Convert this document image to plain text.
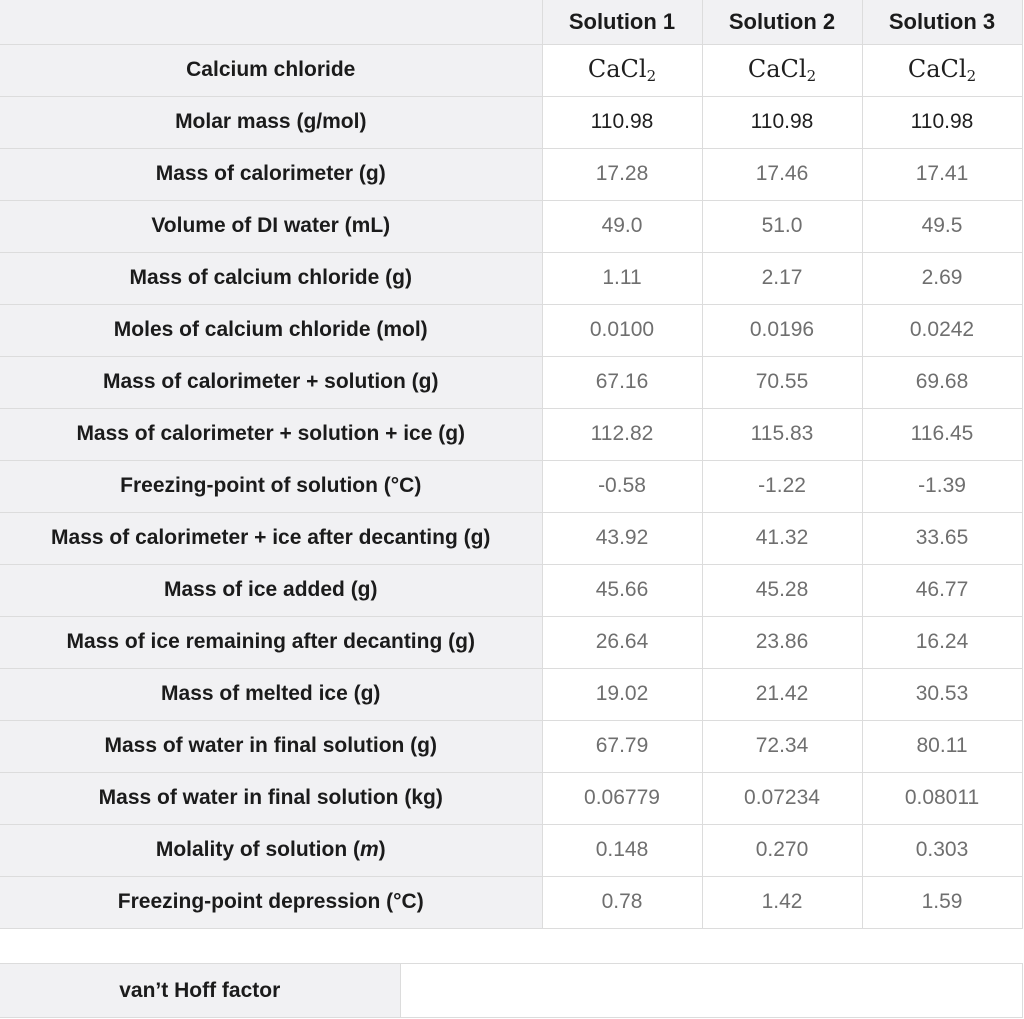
	Solution 1	Solution 2	Solution 3
Calcium chloride	CaCl$_2$	CaCl$_2$	CaCl$_2$
Molar mass (g/mol)	110.98	110.98	110.98
Mass of calorimeter (g)	17.28	17.46	17.41
Volume of DI water (mL)	49.0	51.0	49.5
Mass of calcium chloride (g)	1.11	2.17	2.69
Moles of calcium chloride (mol)	0.0100	0.0196	0.0242
Mass of calorimeter + solution (g)	67.16	70.55	69.68
Mass of calorimeter + solution + ice (g)	112.82	115.83	116.45
Freezing-point of solution (°C)	-0.58	-1.22	-1.39
Mass of calorimeter + ice after decanting (g)	43.92	41.32	33.65
Mass of ice added (g)	45.66	45.28	46.77
Mass of ice remaining after decanting (g)	26.64	23.86	16.24
Mass of melted ice (g)	19.02	21.42	30.53
Mass of water in final solution (g)	67.79	72.34	80.11
Mass of water in final solution (kg)	0.06779	0.07234	0.08011
Molality of solution (m)	0.148	0.270	0.303
Freezing-point depression (°C)	0.78	1.42	1.59
van’t Hoff factor	
